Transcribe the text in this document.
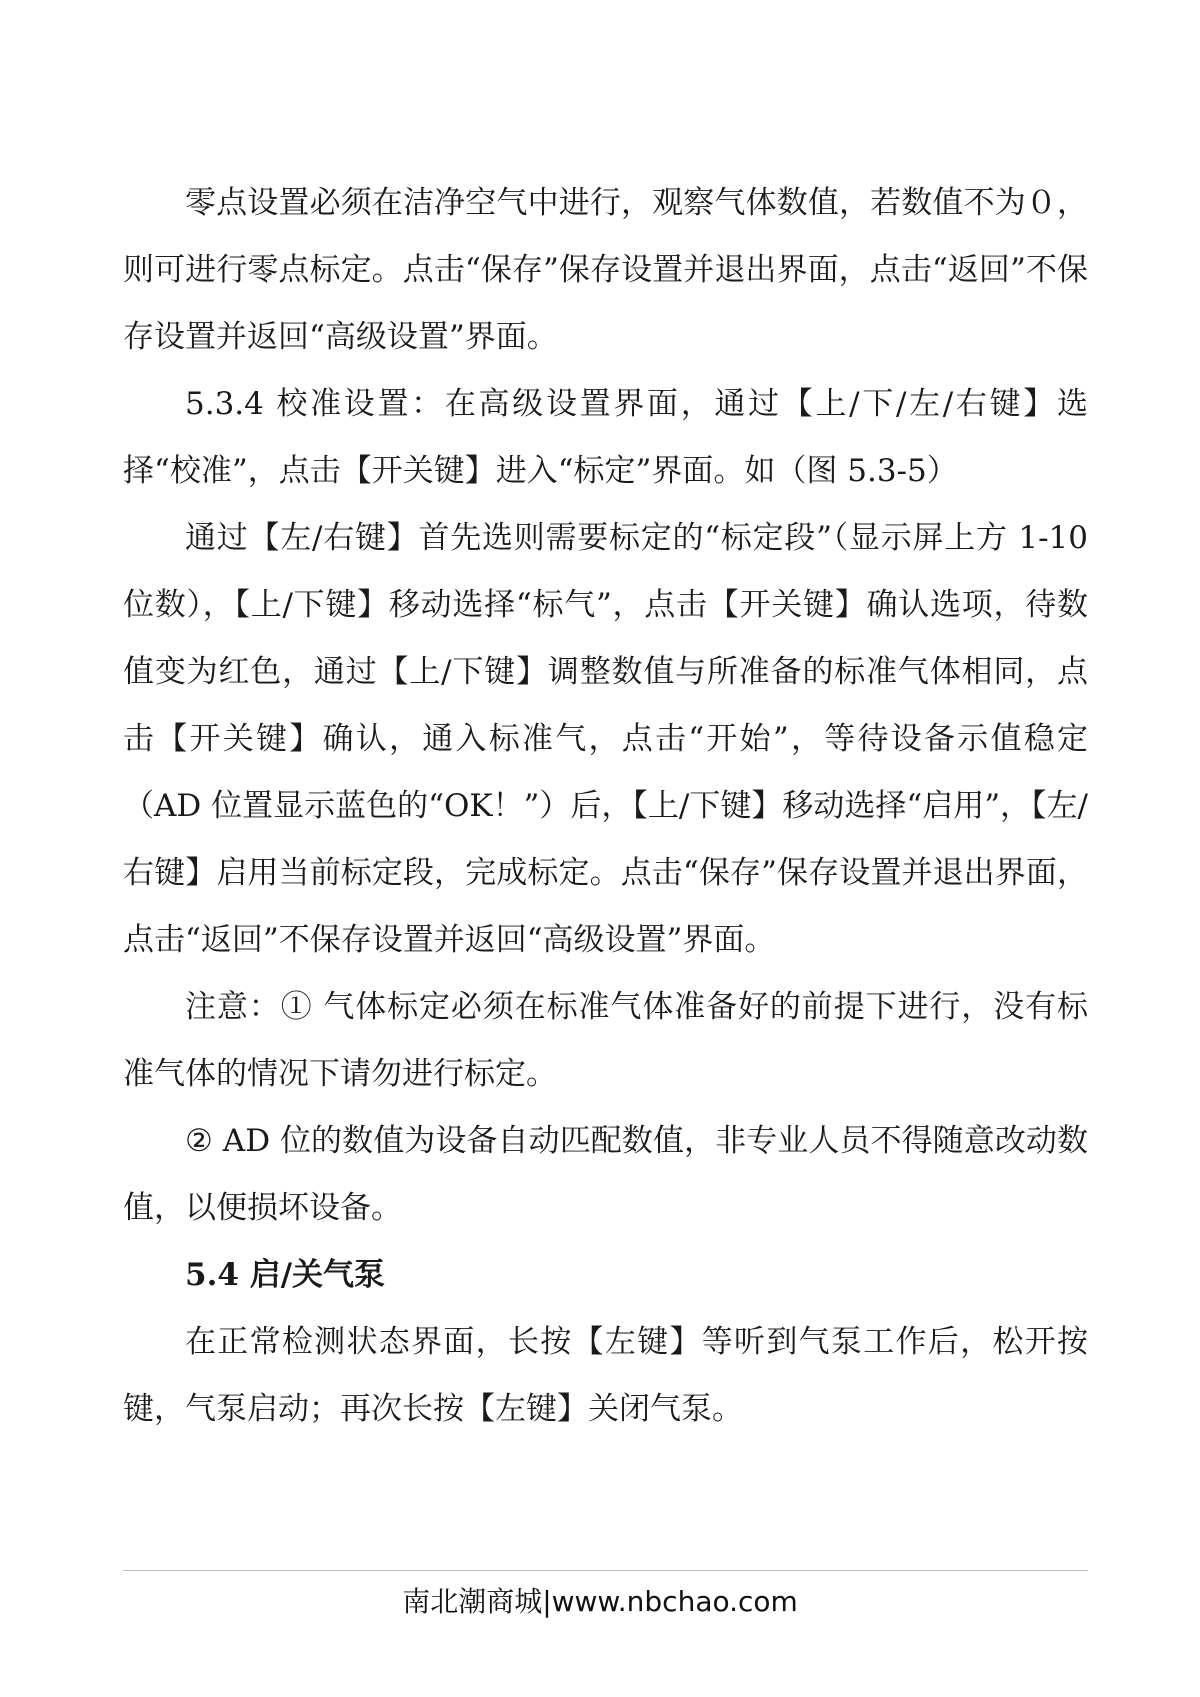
零点设置必须在洁净空气中进行，观察气体数值，若数值不为０，则可进行零点标定。点击“保存”保存设置并退出界面，点击“返回”不保存设置并返回“高级设置”界面。

5.3.4 校准设置：在高级设置界面，通过【上/下/左/右键】选择“校准”，点击【开关键】进入“标定”界面。如（图 5.3-5）

通过【左/右键】首先选则需要标定的“标定段”（显示屏上方 1-10 位数），【上/下键】移动选择“标气”，点击【开关键】确认选项，待数值变为红色，通过【上/下键】调整数值与所准备的标准气体相同，点击【开关键】确认，通入标准气，点击“开始”，等待设备示值稳定（AD 位置显示蓝色的“OK！”）后，【上/下键】移动选择“启用”，【左/右键】启用当前标定段，完成标定。点击“保存”保存设置并退出界面，点击“返回”不保存设置并返回“高级设置”界面。

注意：① 气体标定必须在标准气体准备好的前提下进行，没有标准气体的情况下请勿进行标定。

② AD 位的数值为设备自动匹配数值，非专业人员不得随意改动数值，以便损坏设备。

5.4 启/关气泵

在正常检测状态界面，长按【左键】等听到气泵工作后，松开按键，气泵启动；再次长按【左键】关闭气泵。

南北潮商城|www.nbchao.com
